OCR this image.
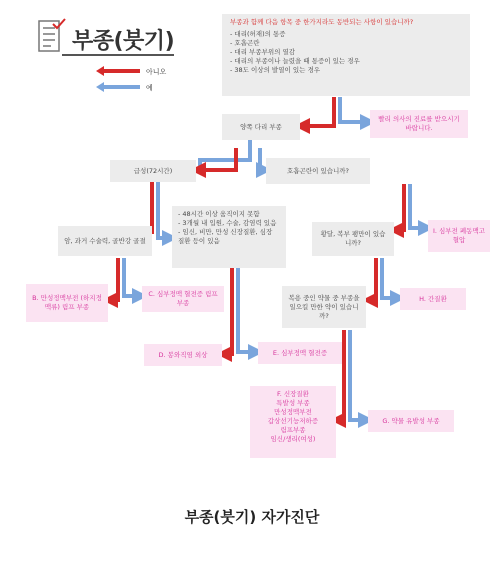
부종(붓기)
아니오
예
부종과 함께 다음 항목 중 한가지라도 동반되는 사항이 있습니까?
- 대리(허재)의 통증
- 호흡곤란
- 대리 부종부위의 열감
- 대리의 부종이나 늘렸을 때 통증이 있는 경우
- 38도 이상의 발열이 있는 경우
양쪽 다리 부종
빨리 의사의 진료를 받으시기 바랍니다.
급성(72시간)	호흡곤란이 있습니까?
- 48시간 이상 움직이지 못함
- 3개월 내 입원, 수술, 감염력 있음
- 임신, 비만, 만성 신장질환, 심장 질환 등이 있음
암, 과거 수술력, 골반강 골절
황달, 복부 팽만이 있습니까?
I. 심부전 폐동맥고혈압
B. 만성정맥부전 (하지정맥류) 림프 부종
C. 심부정맥 혈전증 림프 부종
복용 중인 약물 중 부종을 일으킬 만한 약이 있습니까?
H. 간질환
D. 봉와직염 외상	E. 심부정맥 혈전증
F. 신장질환
특발성 부종
만성정맥부전
갑상선기능저하증
림프부종
임신/생리(여성)
G. 약물 유발성 부종
부종(붓기) 자가진단
